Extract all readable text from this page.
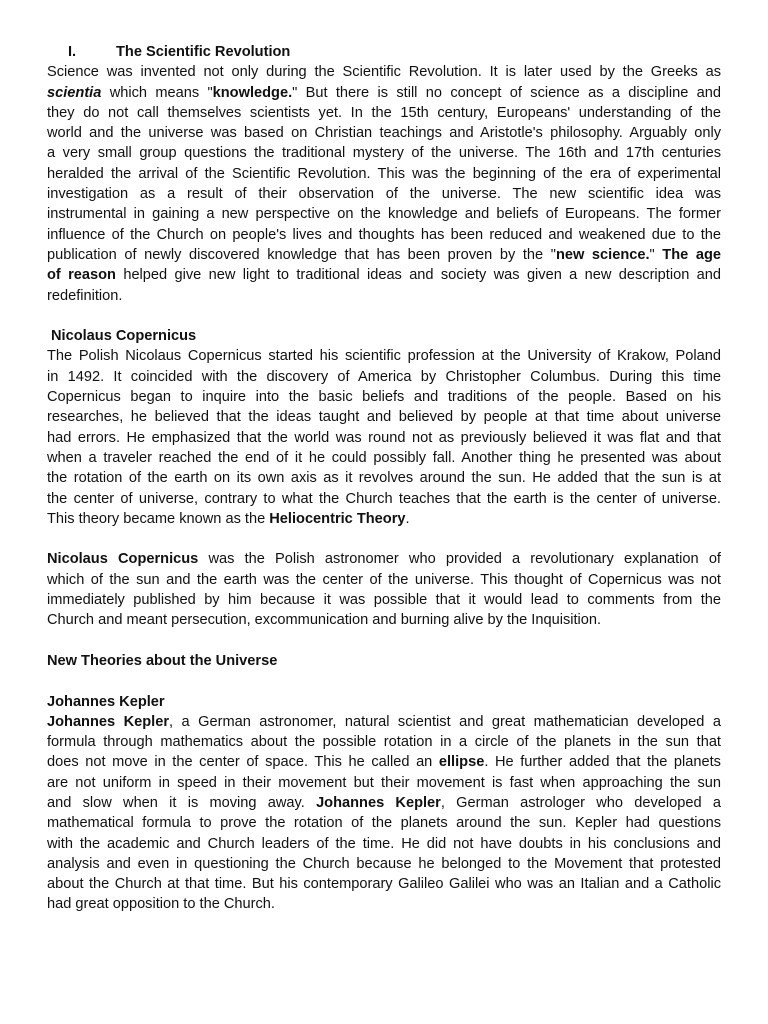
I.	The Scientific Revolution
Science was invented not only during the Scientific Revolution. It is later used by the Greeks as
scientia which means "knowledge." But there is still no concept of science as a discipline and
they do not call themselves scientists yet. In the 15th century, Europeans' understanding of the
world and the universe was based on Christian teachings and Aristotle's philosophy. Arguably only
a very small group questions the traditional mystery of the universe. The 16th and 17th centuries
heralded the arrival of the Scientific Revolution. This was the beginning of the era of experimental
investigation as a result of their observation of the universe. The new scientific idea was
instrumental in gaining a new perspective on the knowledge and beliefs of Europeans. The former
influence of the Church on people's lives and thoughts has been reduced and weakened due to the
publication of newly discovered knowledge that has been proven by the "new science." The age
of reason helped give new light to traditional ideas and society was given a new description and
redefinition.
Nicolaus Copernicus
The Polish Nicolaus Copernicus started his scientific profession at the University of Krakow, Poland
in 1492. It coincided with the discovery of America by Christopher Columbus. During this time
Copernicus began to inquire into the basic beliefs and traditions of the people. Based on his
researches, he believed that the ideas taught and believed by people at that time about universe
had errors. He emphasized that the world was round not as previously believed it was flat and that
when a traveler reached the end of it he could possibly fall. Another thing he presented was about
the rotation of the earth on its own axis as it revolves around the sun. He added that the sun is at
the center of universe, contrary to what the Church teaches that the earth is the center of universe.
This theory became known as the Heliocentric Theory.
Nicolaus Copernicus was the Polish astronomer who provided a revolutionary explanation of
which of the sun and the earth was the center of the universe. This thought of Copernicus was not
immediately published by him because it was possible that it would lead to comments from the
Church and meant persecution, excommunication and burning alive by the Inquisition.
New Theories about the Universe
Johannes Kepler
Johannes Kepler, a German astronomer, natural scientist and great mathematician developed a
formula through mathematics about the possible rotation in a circle of the planets in the sun that
does not move in the center of space. This he called an ellipse. He further added that the planets
are not uniform in speed in their movement but their movement is fast when approaching the sun
and slow when it is moving away. Johannes Kepler, German astrologer who developed a
mathematical formula to prove the rotation of the planets around the sun. Kepler had questions
with the academic and Church leaders of the time. He did not have doubts in his conclusions and
analysis and even in questioning the Church because he belonged to the Movement that protested
about the Church at that time. But his contemporary Galileo Galilei who was an Italian and a Catholic
had great opposition to the Church.
